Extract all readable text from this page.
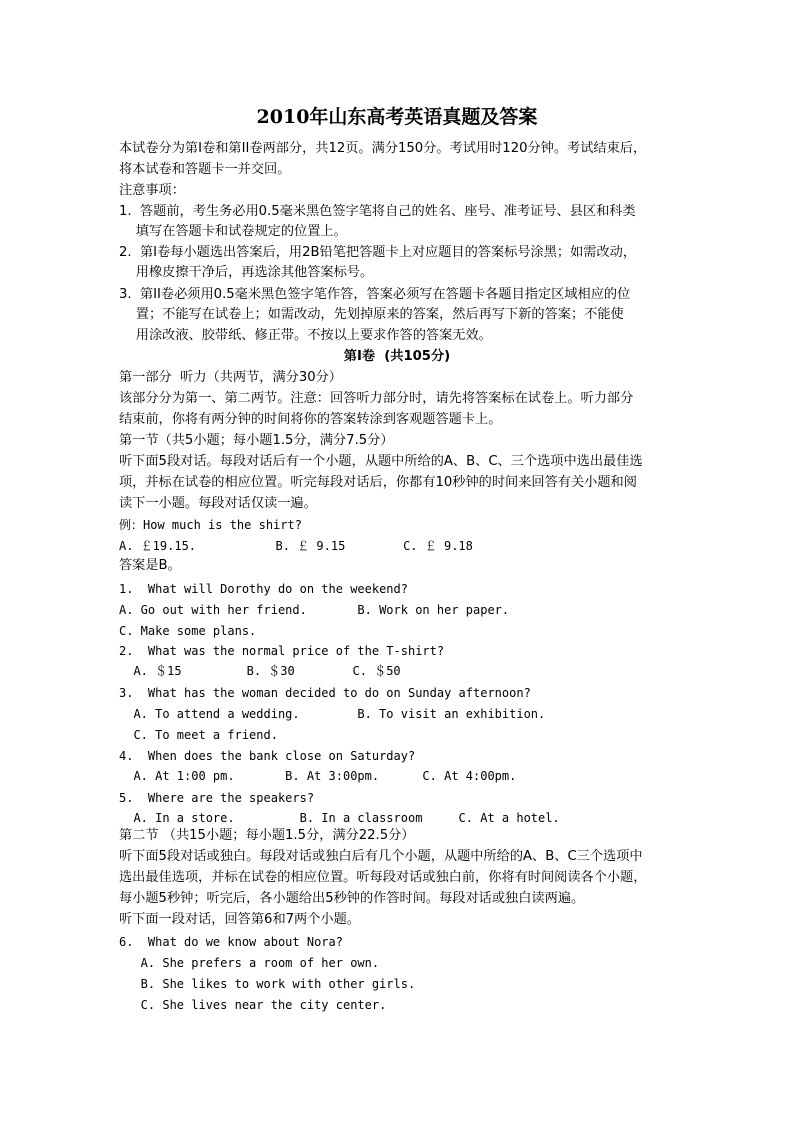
2010年山东高考英语真题及答案
本试卷分为第I卷和第II卷两部分，共12页。满分150分。考试用时120分钟。考试结束后，
将本试卷和答题卡一并交回。
注意事项：
1.  答题前，考生务必用0.5毫米黑色签字笔将自己的姓名、座号、准考证号、县区和科类
填写在答题卡和试卷规定的位置上。
2.  第I卷每小题选出答案后，用2B铅笔把答题卡上对应题目的答案标号涂黑；如需改动，
用橡皮擦干净后，再选涂其他答案标号。
3.  第II卷必须用0.5毫米黑色签字笔作答，答案必须写在答题卡各题目指定区域相应的位
置；不能写在试卷上；如需改动，先划掉原来的答案，然后再写下新的答案；不能使
用涂改液、胶带纸、修正带。不按以上要求作答的答案无效。
第I卷  (共105分)
第一部分  听力（共两节，满分30分）
该部分分为第一、第二两节。注意：回答听力部分时，请先将答案标在试卷上。听力部分
结束前，你将有两分钟的时间将你的答案转涂到客观题答题卡上。
第一节（共5小题；每小题1.5分，满分7.5分）
听下面5段对话。每段对话后有一个小题，从题中所给的A、B、C、三个选项中选出最佳选
项，并标在试卷的相应位置。听完每段对话后，你都有10秒钟的时间来回答有关小题和阅
读下一小题。每段对话仅读一遍。
例：How much is the shirt?
A. ￡19.15.           B. ￡ 9.15        C. ￡ 9.18
答案是B。
1.  What will Dorothy do on the weekend?
A. Go out with her friend.       B. Work on her paper.
C. Make some plans.
2.  What was the normal price of the T-shirt?
A. ＄15         B. ＄30        C. ＄50
3.  What has the woman decided to do on Sunday afternoon?
A. To attend a wedding.        B. To visit an exhibition.
C. To meet a friend.
4.  When does the bank close on Saturday?
A. At 1:00 pm.       B. At 3:00pm.      C. At 4:00pm.
5.  Where are the speakers?
A. In a store.         B. In a classroom     C. At a hotel.
第二节 （共15小题；每小题1.5分，满分22.5分）
听下面5段对话或独白。每段对话或独白后有几个小题，从题中所给的A、B、C三个选项中
选出最佳选项，并标在试卷的相应位置。听每段对话或独白前，你将有时间阅读各个小题，
每小题5秒钟；听完后，各小题给出5秒钟的作答时间。每段对话或独白读两遍。
听下面一段对话，回答第6和7两个小题。
6.  What do we know about Nora?
A. She prefers a room of her own.
B. She likes to work with other girls.
C. She lives near the city center.
